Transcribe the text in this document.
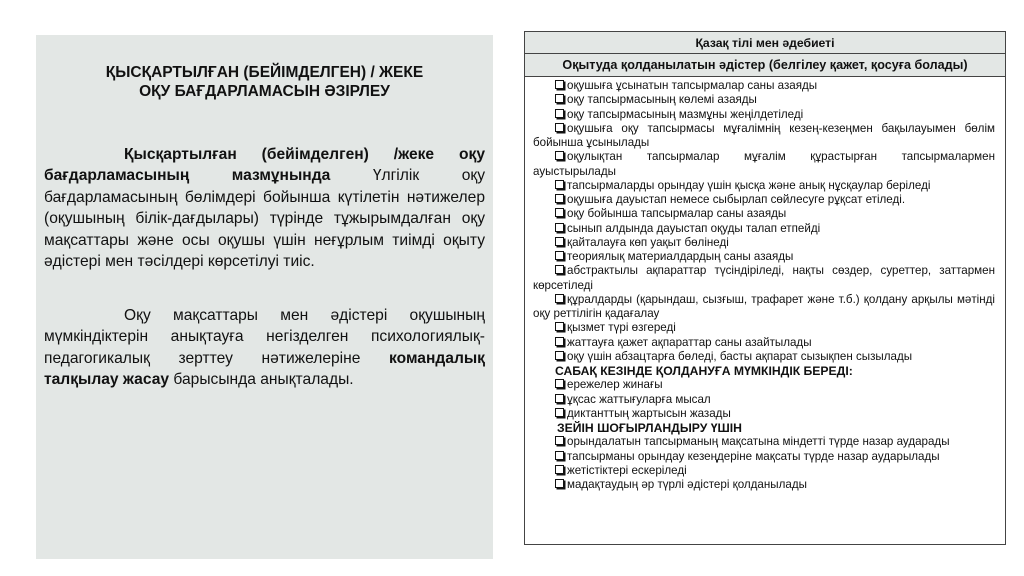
ҚЫСҚАРТЫЛҒАН (БЕЙІМДЕЛГЕН) / ЖЕКЕ
ОҚУ БАҒДАРЛАМАСЫН ӘЗІРЛЕУ
Қысқартылған (бейімделген) /жеке оқу бағдарламасының мазмұнында Үлгілік оқу бағдарламасының бөлімдері бойынша күтілетін нәтижелер (оқушының білік-дағдылары) түрінде тұжырымдалған оқу мақсаттары және осы оқушы үшін неғұрлым тиімді оқыту әдістері мен тәсілдері көрсетілуі тиіс.
Оқу мақсаттары мен әдістері оқушының мүмкіндіктерін анықтауға негізделген психологиялық-педагогикалық зерттеу нәтижелеріне командалық талқылау жасау барысында анықталады.
Қазақ тілі мен әдебиеті
Оқытуда қолданылатын әдістер (белгілеу қажет, қосуға болады)
оқушыға ұсынатын тапсырмалар саны азаяды
оқу тапсырмасының көлемі азаяды
оқу тапсырмасының мазмұны жеңілдетіледі
оқушыға оқу тапсырмасы мұғалімнің кезең-кезеңмен бақылауымен бөлім бойынша ұсынылады
оқулықтан тапсырмалар мұғалім құрастырған тапсырмалармен ауыстырылады
тапсырмаларды орындау үшін қысқа және анық нұсқаулар беріледі
оқушыға дауыстап немесе сыбырлап сөйлесуге рұқсат етіледі.
оқу бойынша тапсырмалар саны азаяды
сынып алдында дауыстап оқуды талап етпейді
қайталауға көп уақыт бөлінеді
теориялық материалдардың саны азаяды
абстрактылы ақпараттар түсіндіріледі, нақты сөздер, суреттер, заттармен көрсетіледі
құралдарды (қарындаш, сызғыш, трафарет және т.б.) қолдану арқылы мәтінді оқу реттілігін қадағалау
қызмет түрі өзгереді
жаттауға қажет ақпараттар саны азайтылады
оқу үшін абзацтарға бөледі, басты ақпарат сызықпен сызылады
САБАҚ КЕЗІНДЕ ҚОЛДАНУҒА МҮМКІНДІК БЕРЕДІ:
ережелер жинағы
ұқсас жаттығуларға мысал
диктанттың жартысын жазады
ЗЕЙІН ШОҒЫРЛАНДЫРУ ҮШІН
орындалатын тапсырманың мақсатына міндетті түрде назар аударады
тапсырманы орындау кезеңдеріне мақсаты түрде назар аударылады
жетістіктері ескеріледі
мадақтаудың әр түрлі әдістері қолданылады
